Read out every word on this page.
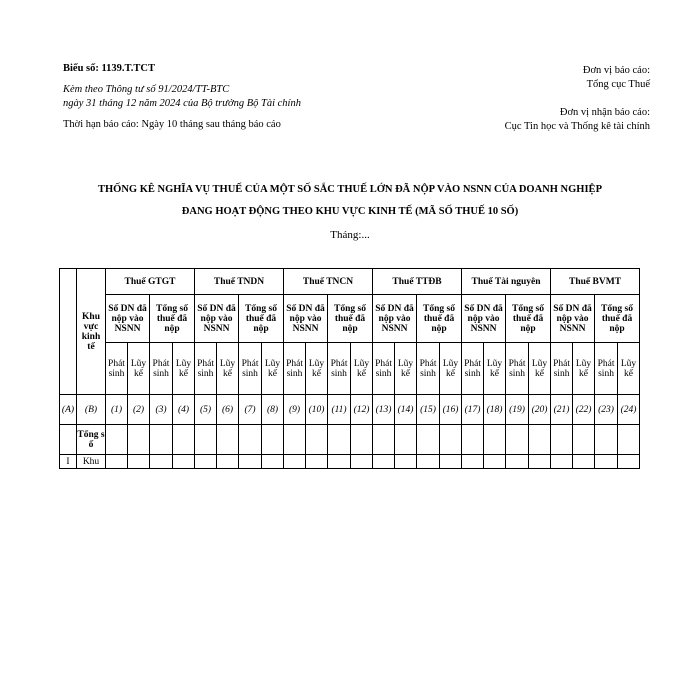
Biểu số: 1139.T.TCT
Kèm theo Thông tư số 91/2024/TT-BTC
ngày 31 tháng 12 năm 2024 của Bộ trưởng Bộ Tài chính
Thời hạn báo cáo: Ngày 10 tháng sau tháng báo cáo
Đơn vị báo cáo:
Tổng cục Thuế
Đơn vị nhận báo cáo:
Cục Tin học và Thống kê tài chính
THỐNG KÊ NGHĨA VỤ THUẾ CỦA MỘT SỐ SẮC THUẾ LỚN ĐÃ NỘP VÀO NSNN CỦA DOANH NGHIỆP
ĐANG HOẠT ĐỘNG THEO KHU VỰC KINH TẾ (MÃ SỐ THUẾ 10 SỐ)
Tháng:...
	Khu vực kinh tế	Thuế GTGT				Thuế TNDN				Thuế TNCN				Thuế TTĐB				Thuế Tài nguyên				Thuế BVMT			
		Số DN đã nộp vào NSNN		Tổng số thuế đã nộp		Số DN đã nộp vào NSNN		Tổng số thuế đã nộp		Số DN đã nộp vào NSNN		Tổng số thuế đã nộp		Số DN đã nộp vào NSNN		Tổng số thuế đã nộp		Số DN đã nộp vào NSNN		Tổng số thuế đã nộp		Số DN đã nộp vào NSNN		Tổng số thuế đã nộp	
		Phát sinh	Lũy kế	Phát sinh	Lũy kế	Phát sinh	Lũy kế	Phát sinh	Lũy kế	Phát sinh	Lũy kế	Phát sinh	Lũy kế	Phát sinh	Lũy kế	Phát sinh	Lũy kế	Phát sinh	Lũy kế	Phát sinh	Lũy kế	Phát sinh	Lũy kế	Phát sinh	Lũy kế
(A)	(B)	(1)	(2)	(3)	(4)	(5)	(6)	(7)	(8)	(9)	(10)	(11)	(12)	(13)	(14)	(15)	(16)	(17)	(18)	(19)	(20)	(21)	(22)	(23)	(24)
	Tổng số																								
I	Khu																								
